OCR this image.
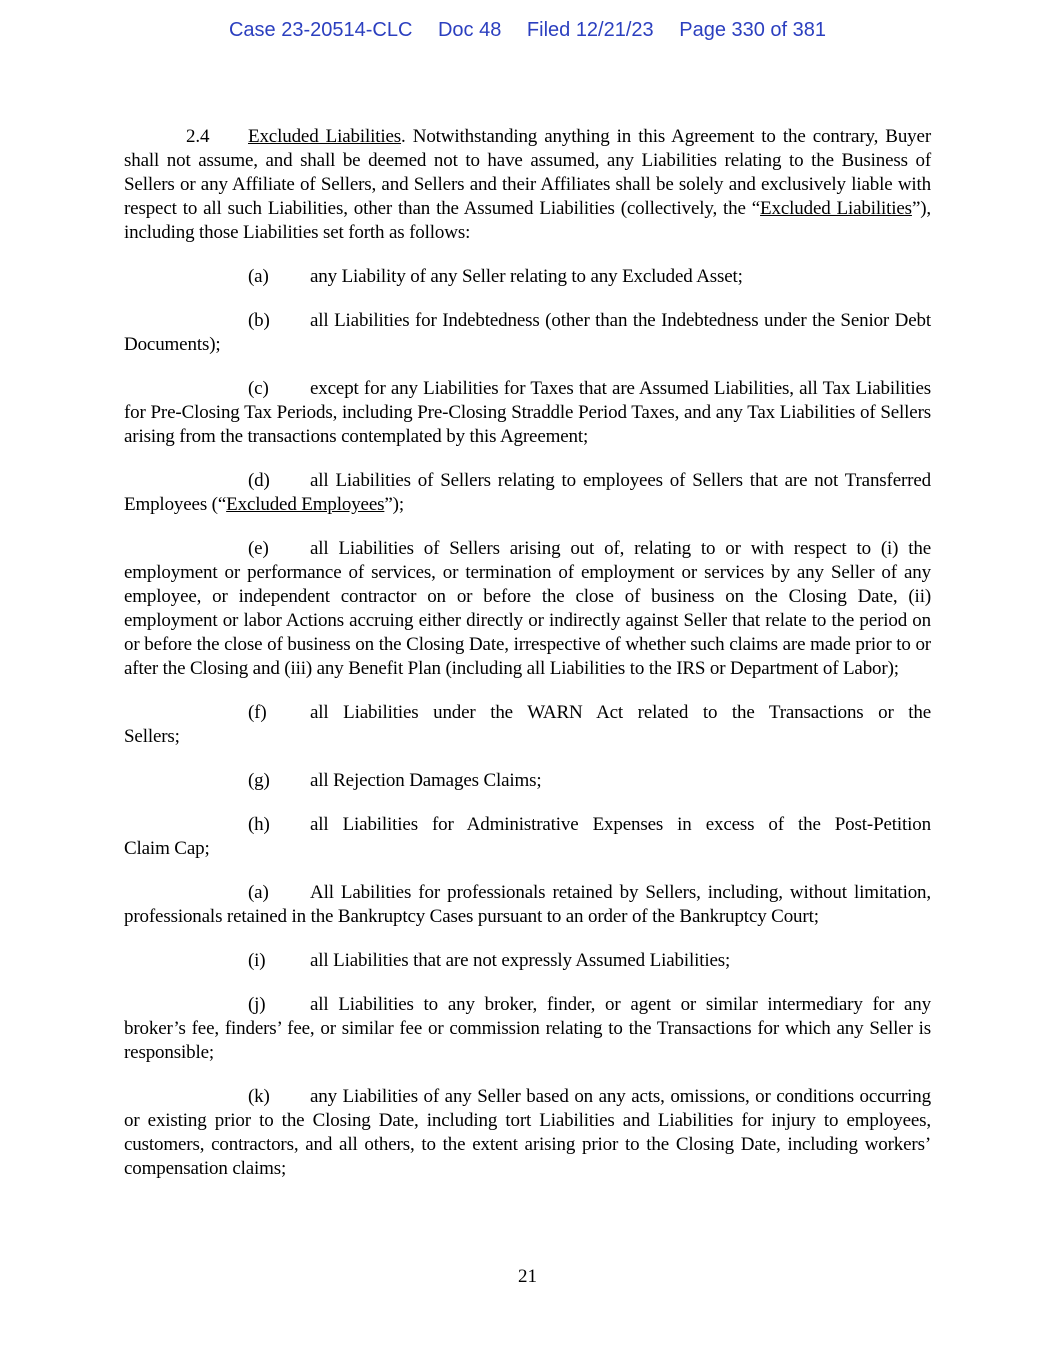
Case 23-20514-CLC Doc 48 Filed 12/21/23 Page 330 of 381

2.4 Excluded Liabilities. Notwithstanding anything in this Agreement to the contrary, Buyer shall not assume, and shall be deemed not to have assumed, any Liabilities relating to the Business of Sellers or any Affiliate of Sellers, and Sellers and their Affiliates shall be solely and exclusively liable with respect to all such Liabilities, other than the Assumed Liabilities (collectively, the “Excluded Liabilities”), including those Liabilities set forth as follows:

(a) any Liability of any Seller relating to any Excluded Asset;

(b) all Liabilities for Indebtedness (other than the Indebtedness under the Senior Debt Documents);

(c) except for any Liabilities for Taxes that are Assumed Liabilities, all Tax Liabilities for Pre-Closing Tax Periods, including Pre-Closing Straddle Period Taxes, and any Tax Liabilities of Sellers arising from the transactions contemplated by this Agreement;

(d) all Liabilities of Sellers relating to employees of Sellers that are not Transferred Employees (“Excluded Employees”);

(e) all Liabilities of Sellers arising out of, relating to or with respect to (i) the employment or performance of services, or termination of employment or services by any Seller of any employee, or independent contractor on or before the close of business on the Closing Date, (ii) employment or labor Actions accruing either directly or indirectly against Seller that relate to the period on or before the close of business on the Closing Date, irrespective of whether such claims are made prior to or after the Closing and (iii) any Benefit Plan (including all Liabilities to the IRS or Department of Labor);

(f) all Liabilities under the WARN Act related to the Transactions or the
Sellers;

(g) all Rejection Damages Claims;

(h) all Liabilities for Administrative Expenses in excess of the Post-Petition
Claim Cap;

(a) All Labilities for professionals retained by Sellers, including, without limitation, professionals retained in the Bankruptcy Cases pursuant to an order of the Bankruptcy Court;

(i) all Liabilities that are not expressly Assumed Liabilities;

(j) all Liabilities to any broker, finder, or agent or similar intermediary for any broker’s fee, finders’ fee, or similar fee or commission relating to the Transactions for which any Seller is responsible;

(k) any Liabilities of any Seller based on any acts, omissions, or conditions occurring or existing prior to the Closing Date, including tort Liabilities and Liabilities for injury to employees, customers, contractors, and all others, to the extent arising prior to the Closing Date, including workers’ compensation claims;

21
